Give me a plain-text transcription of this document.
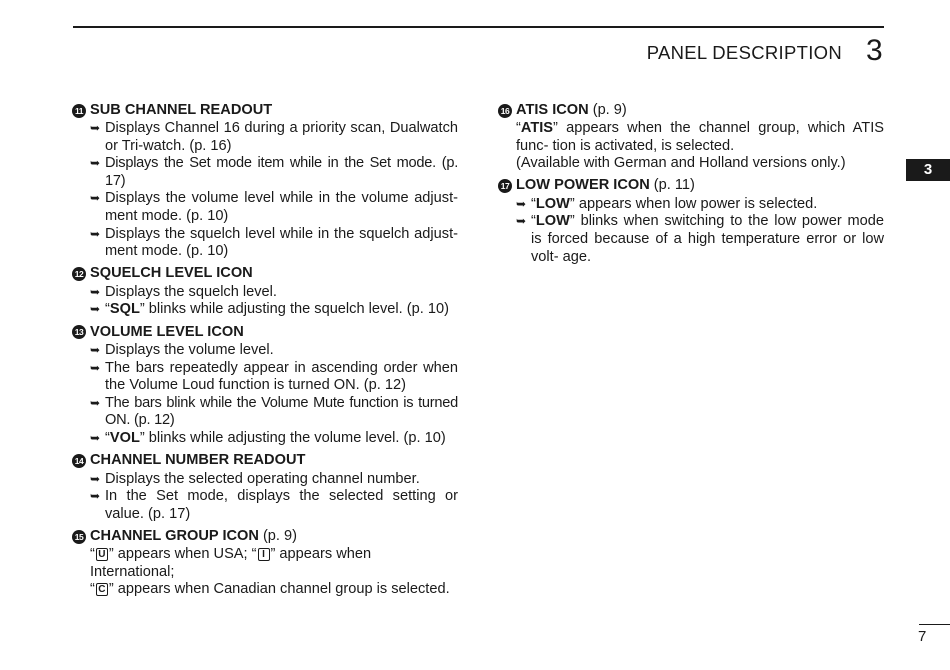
PANEL DESCRIPTION 3
3
11 SUB CHANNEL READOUT
➥ Displays Channel 16 during a priority scan, Dualwatch or Tri-watch. (p. 16)
➥ Displays the Set mode item while in the Set mode. (p. 17)
➥ Displays the volume level while in the volume adjust- ment mode. (p. 10)
➥ Displays the squelch level while in the squelch adjust- ment mode. (p. 10)
12 SQUELCH LEVEL ICON
➥ Displays the squelch level.
➥ “SQL” blinks while adjusting the squelch level. (p. 10)
13 VOLUME LEVEL ICON
➥ Displays the volume level.
➥ The bars repeatedly appear in ascending order when the Volume Loud function is turned ON. (p. 12)
➥ The bars blink while the Volume Mute function is turned ON. (p. 12)
➥ “VOL” blinks while adjusting the volume level. (p. 10)
14 CHANNEL NUMBER READOUT
➥ Displays the selected operating channel number.
➥ In the Set mode, displays the selected setting or value. (p. 17)
15 CHANNEL GROUP ICON (p. 9)
“ U ” appears when USA; “ I ” appears when International;
“ C ” appears when Canadian channel group is selected.
16 ATIS ICON (p. 9)
“ATIS” appears when the channel group, which ATIS func- tion is activated, is selected.
(Available with German and Holland versions only.)
17 LOW POWER ICON (p. 11)
➥ “LOW” appears when low power is selected.
➥ “LOW” blinks when switching to the low power mode is forced because of a high temperature error or low volt- age.
7
